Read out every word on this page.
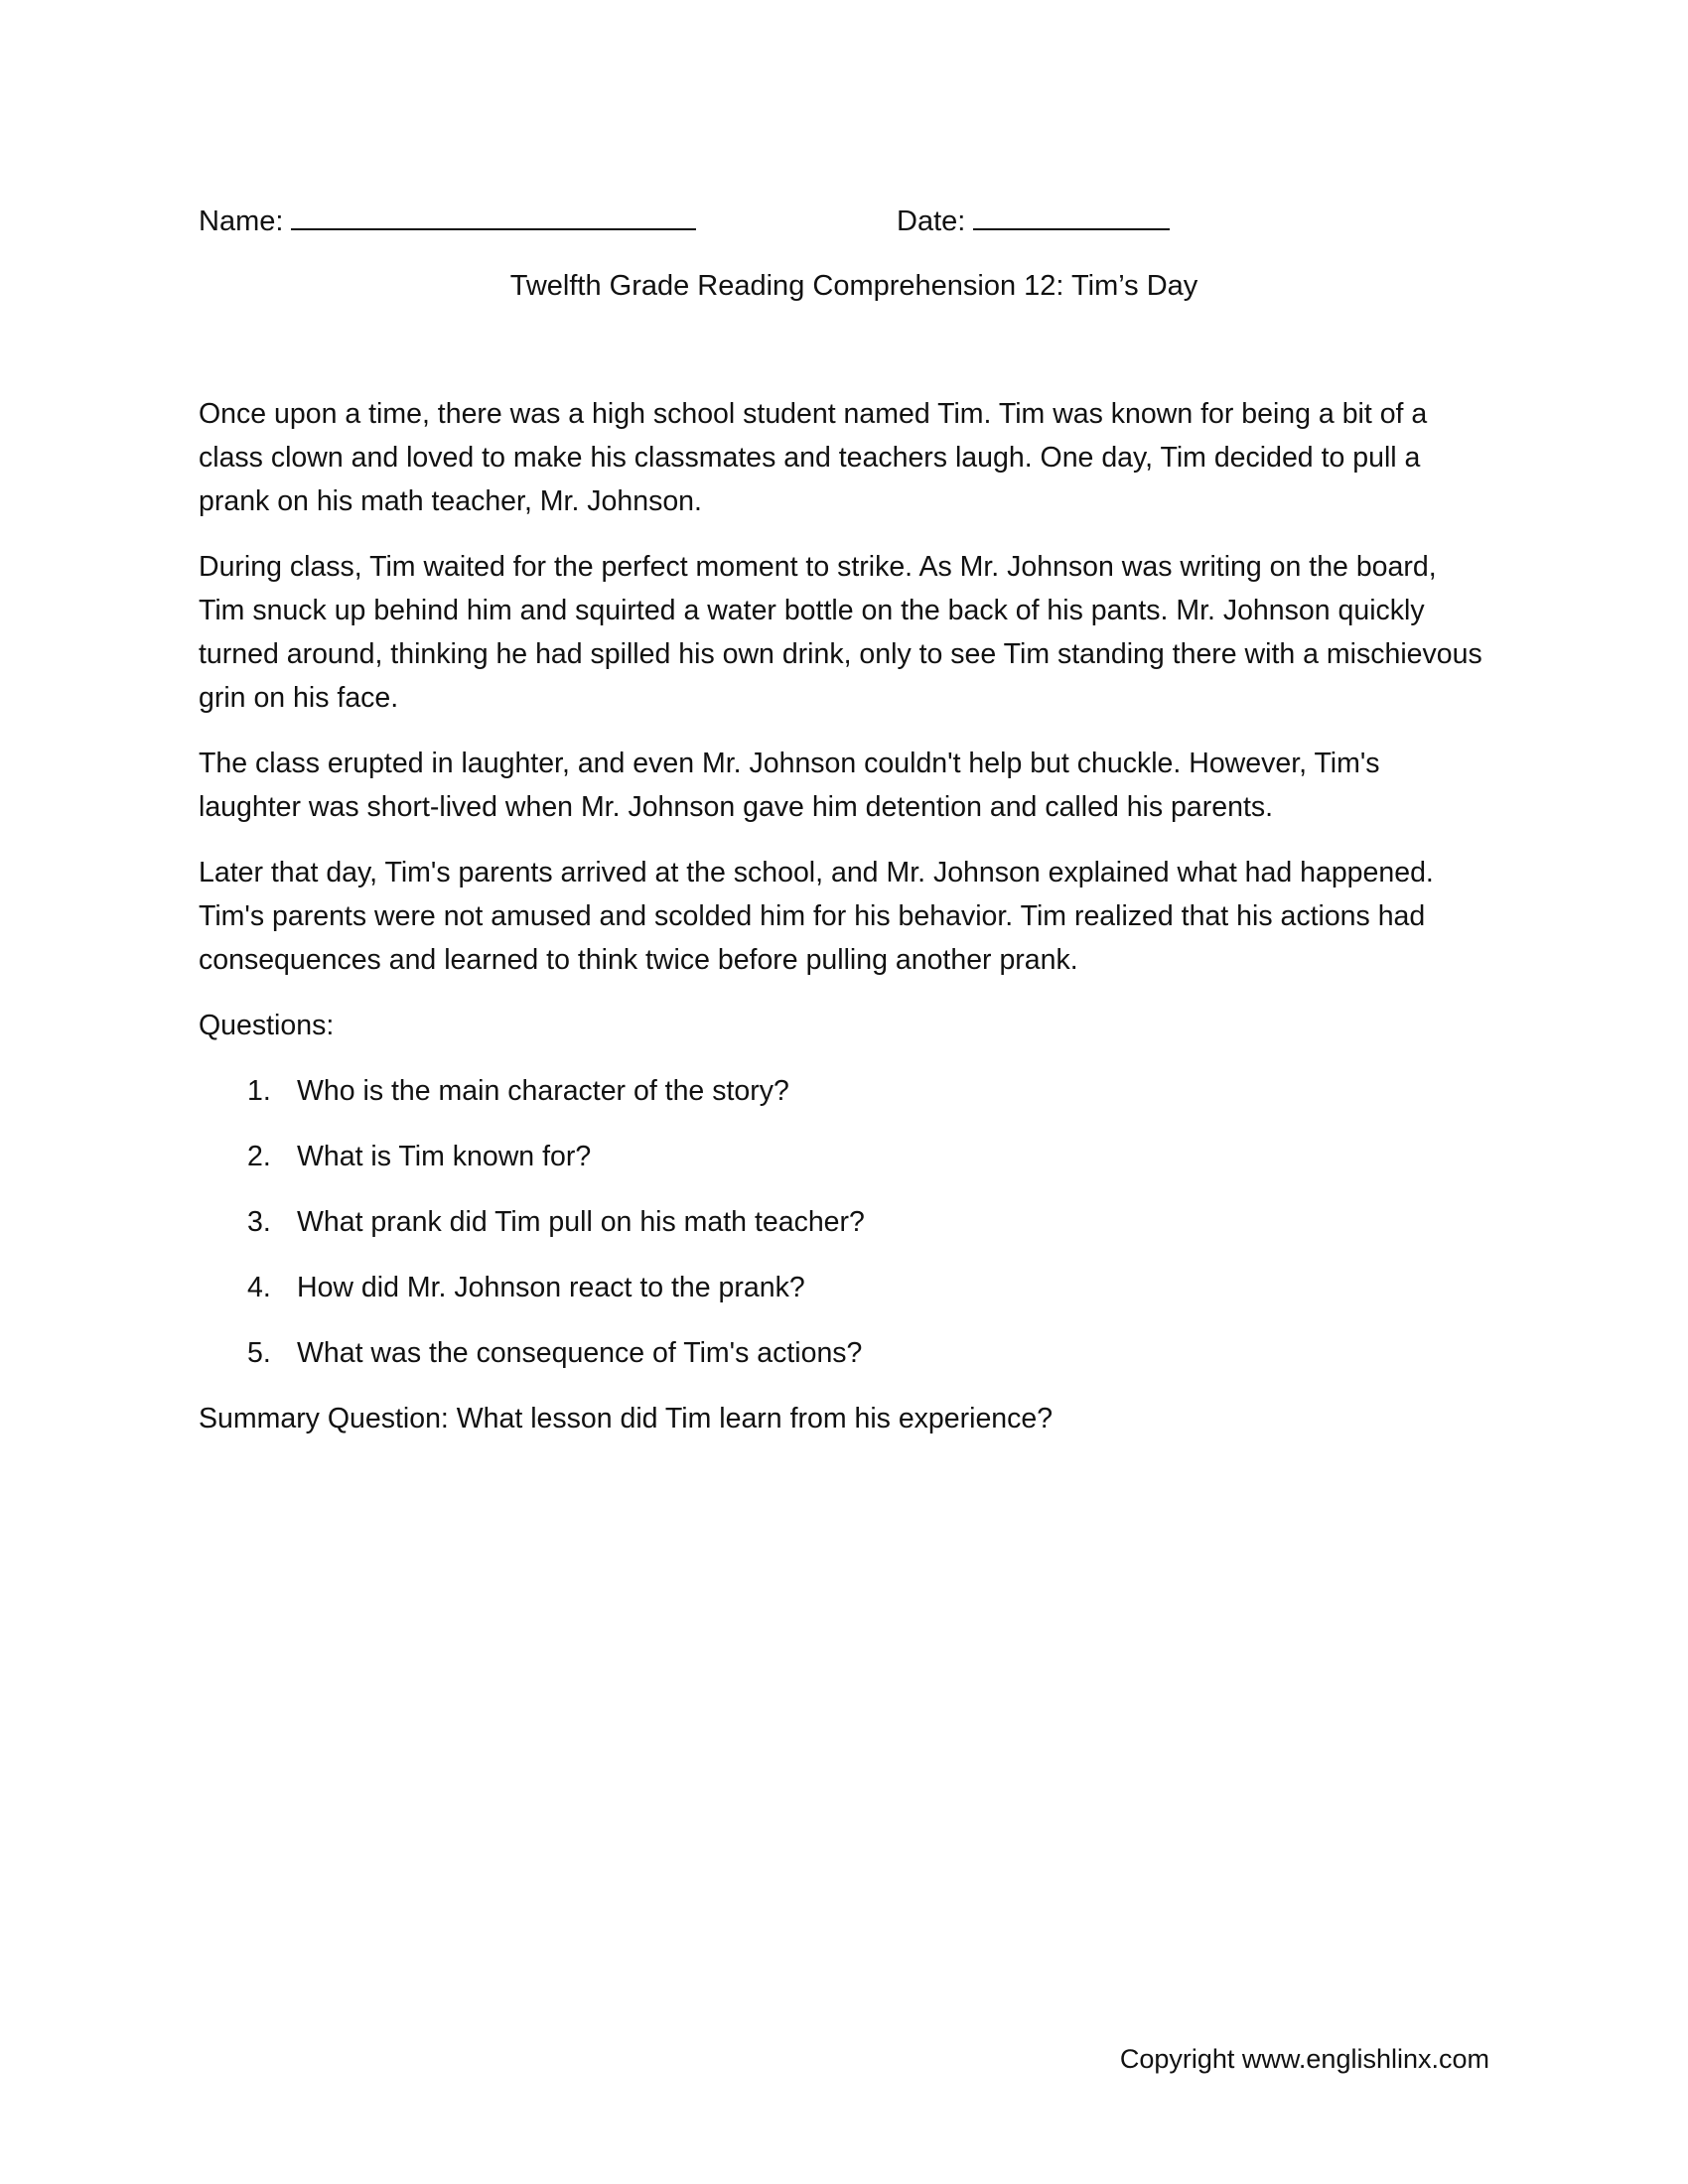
Name:	Date:
Twelfth Grade Reading Comprehension 12: Tim’s Day

Once upon a time, there was a high school student named Tim. Tim was known for being a bit of a class clown and loved to make his classmates and teachers laugh. One day, Tim decided to pull a prank on his math teacher, Mr. Johnson.

During class, Tim waited for the perfect moment to strike. As Mr. Johnson was writing on the board, Tim snuck up behind him and squirted a water bottle on the back of his pants. Mr. Johnson quickly turned around, thinking he had spilled his own drink, only to see Tim standing there with a mischievous grin on his face.

The class erupted in laughter, and even Mr. Johnson couldn't help but chuckle. However, Tim's laughter was short-lived when Mr. Johnson gave him detention and called his parents.

Later that day, Tim's parents arrived at the school, and Mr. Johnson explained what had happened. Tim's parents were not amused and scolded him for his behavior. Tim realized that his actions had consequences and learned to think twice before pulling another prank.

Questions:
1. Who is the main character of the story?
2. What is Tim known for?
3. What prank did Tim pull on his math teacher?
4. How did Mr. Johnson react to the prank?
5. What was the consequence of Tim's actions?

Summary Question: What lesson did Tim learn from his experience?

Copyright www.englishlinx.com
